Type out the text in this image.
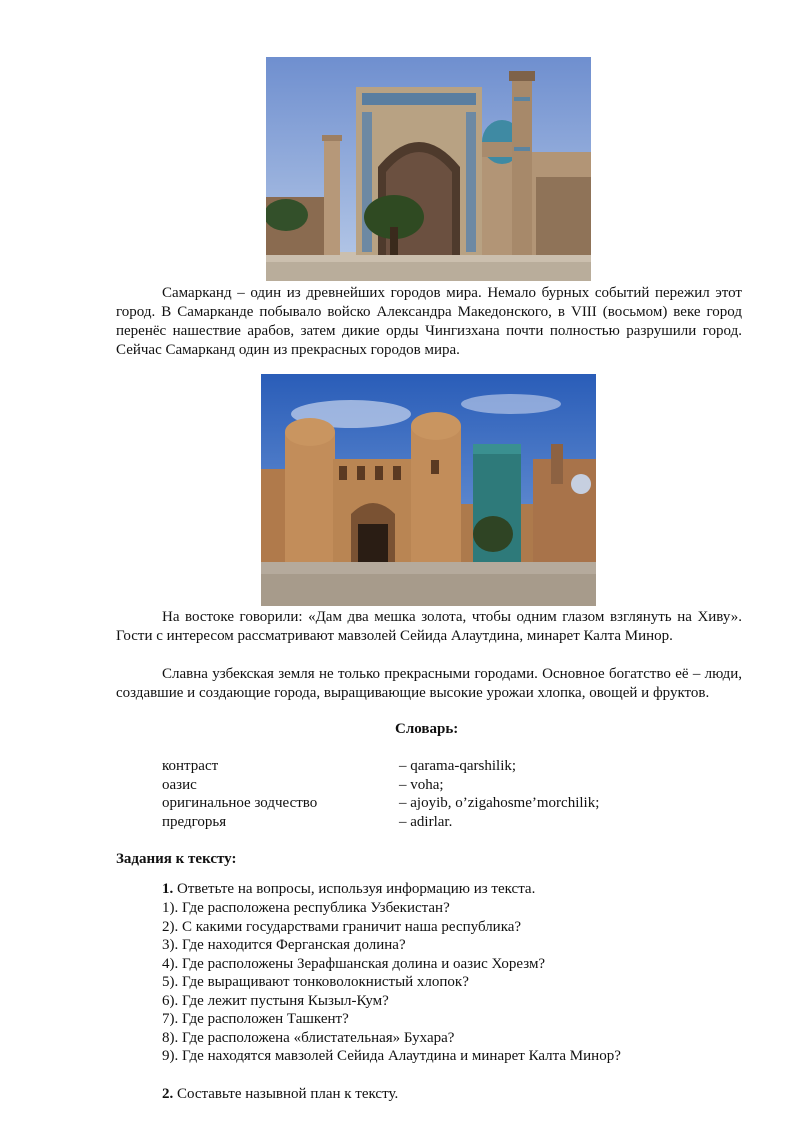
Самарканд – один из древнейших городов мира. Немало бурных событий пережил этот город. В Самарканде побывало войско Александра Македонского, в VIII (восьмом) веке город перенёс нашествие арабов, затем дикие орды Чингизхана почти полностью разрушили город. Сейчас Самарканд один из прекрасных городов мира.

На востоке говорили: «Дам два мешка золота, чтобы одним глазом взглянуть на Хиву». Гости с интересом рассматривают мавзолей Сейида Алаутдина, минарет Калта Минор.

Славна узбекская земля не только прекрасными городами. Основное богатство её – люди, создавшие и создающие города, выращивающие высокие урожаи хлопка, овощей и фруктов.

Словарь:
контраст	– qarama-qarshilik;
оазис	– voha;
оригинальное зодчество	– ajoyib, o’zigahosme’morchilik;
предгорья	– adirlar.
Задания к тексту:
1. Ответьте на вопросы, используя информацию из текста.
1). Где расположена республика Узбекистан?
2). С какими государствами граничит наша республика?
3). Где находится Ферганская долина?
4). Где расположены Зерафшанская долина и оазис Хорезм?
5). Где выращивают тонковолокнистый хлопок?
6). Где лежит пустыня Кызыл-Кум?
7). Где расположен Ташкент?
8). Где расположена «блистательная» Бухара?
9). Где находятся мавзолей Сейида Алаутдина и минарет Калта Минор?
2. Составьте назывной план к тексту.
